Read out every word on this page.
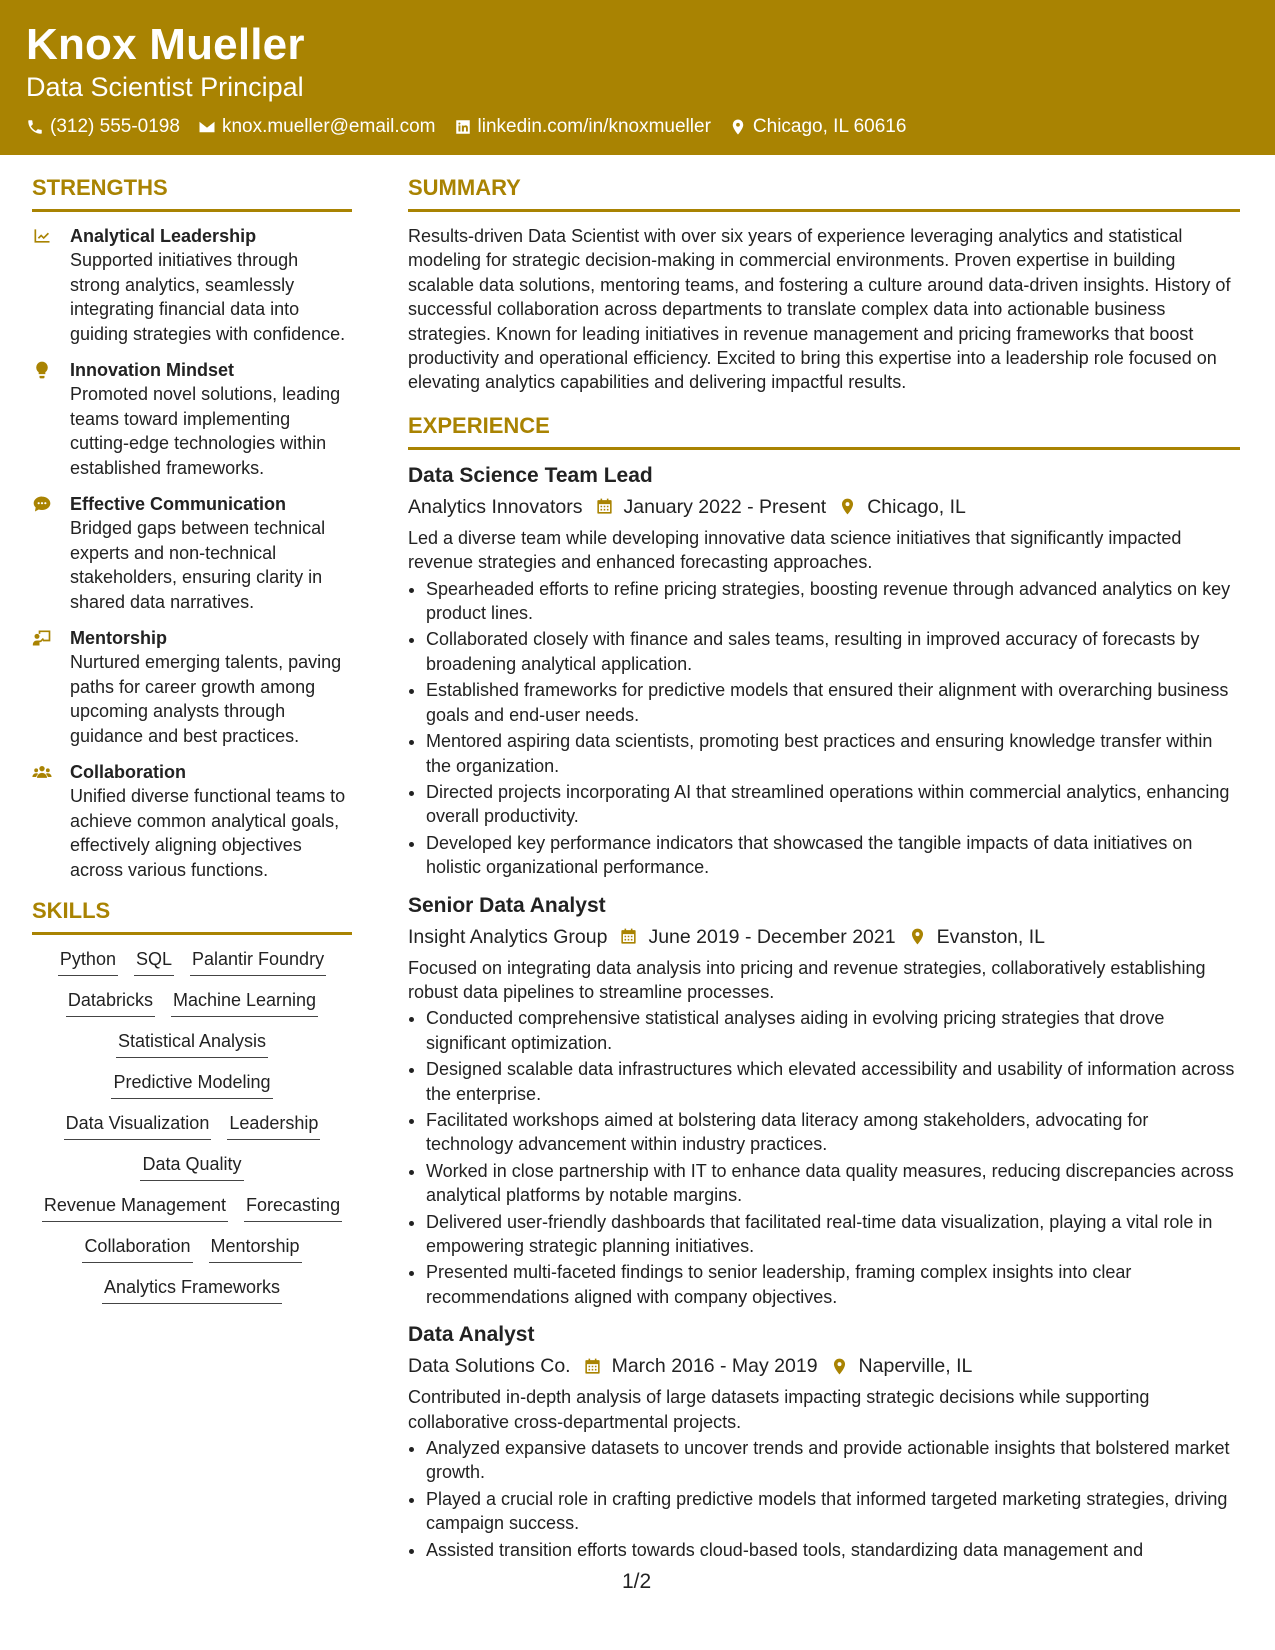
Knox Mueller
Data Scientist Principal
(312) 555-0198 knox.mueller@email.com linkedin.com/in/knoxmueller Chicago, IL 60616
STRENGTHS
Analytical Leadership
Supported initiatives through strong analytics, seamlessly integrating financial data into guiding strategies with confidence.
Innovation Mindset
Promoted novel solutions, leading teams toward implementing cutting-edge technologies within established frameworks.
Effective Communication
Bridged gaps between technical experts and non-technical stakeholders, ensuring clarity in shared data narratives.
Mentorship
Nurtured emerging talents, paving paths for career growth among upcoming analysts through guidance and best practices.
Collaboration
Unified diverse functional teams to achieve common analytical goals, effectively aligning objectives across various functions.
SKILLS
Python SQL Palantir Foundry
Databricks Machine Learning
Statistical Analysis
Predictive Modeling
Data Visualization Leadership
Data Quality
Revenue Management Forecasting
Collaboration Mentorship
Analytics Frameworks
SUMMARY
Results-driven Data Scientist with over six years of experience leveraging analytics and statistical modeling for strategic decision-making in commercial environments. Proven expertise in building scalable data solutions, mentoring teams, and fostering a culture around data-driven insights. History of successful collaboration across departments to translate complex data into actionable business strategies. Known for leading initiatives in revenue management and pricing frameworks that boost productivity and operational efficiency. Excited to bring this expertise into a leadership role focused on elevating analytics capabilities and delivering impactful results.
EXPERIENCE
Data Science Team Lead
Analytics Innovators January 2022 - Present Chicago, IL
Led a diverse team while developing innovative data science initiatives that significantly impacted revenue strategies and enhanced forecasting approaches.
• Spearheaded efforts to refine pricing strategies, boosting revenue through advanced analytics on key product lines.
• Collaborated closely with finance and sales teams, resulting in improved accuracy of forecasts by broadening analytical application.
• Established frameworks for predictive models that ensured their alignment with overarching business goals and end-user needs.
• Mentored aspiring data scientists, promoting best practices and ensuring knowledge transfer within the organization.
• Directed projects incorporating AI that streamlined operations within commercial analytics, enhancing overall productivity.
• Developed key performance indicators that showcased the tangible impacts of data initiatives on holistic organizational performance.
Senior Data Analyst
Insight Analytics Group June 2019 - December 2021 Evanston, IL
Focused on integrating data analysis into pricing and revenue strategies, collaboratively establishing robust data pipelines to streamline processes.
• Conducted comprehensive statistical analyses aiding in evolving pricing strategies that drove significant optimization.
• Designed scalable data infrastructures which elevated accessibility and usability of information across the enterprise.
• Facilitated workshops aimed at bolstering data literacy among stakeholders, advocating for technology advancement within industry practices.
• Worked in close partnership with IT to enhance data quality measures, reducing discrepancies across analytical platforms by notable margins.
• Delivered user-friendly dashboards that facilitated real-time data visualization, playing a vital role in empowering strategic planning initiatives.
• Presented multi-faceted findings to senior leadership, framing complex insights into clear recommendations aligned with company objectives.
Data Analyst
Data Solutions Co. March 2016 - May 2019 Naperville, IL
Contributed in-depth analysis of large datasets impacting strategic decisions while supporting collaborative cross-departmental projects.
• Analyzed expansive datasets to uncover trends and provide actionable insights that bolstered market growth.
• Played a crucial role in crafting predictive models that informed targeted marketing strategies, driving campaign success.
• Assisted transition efforts towards cloud-based tools, standardizing data management and
1/2
